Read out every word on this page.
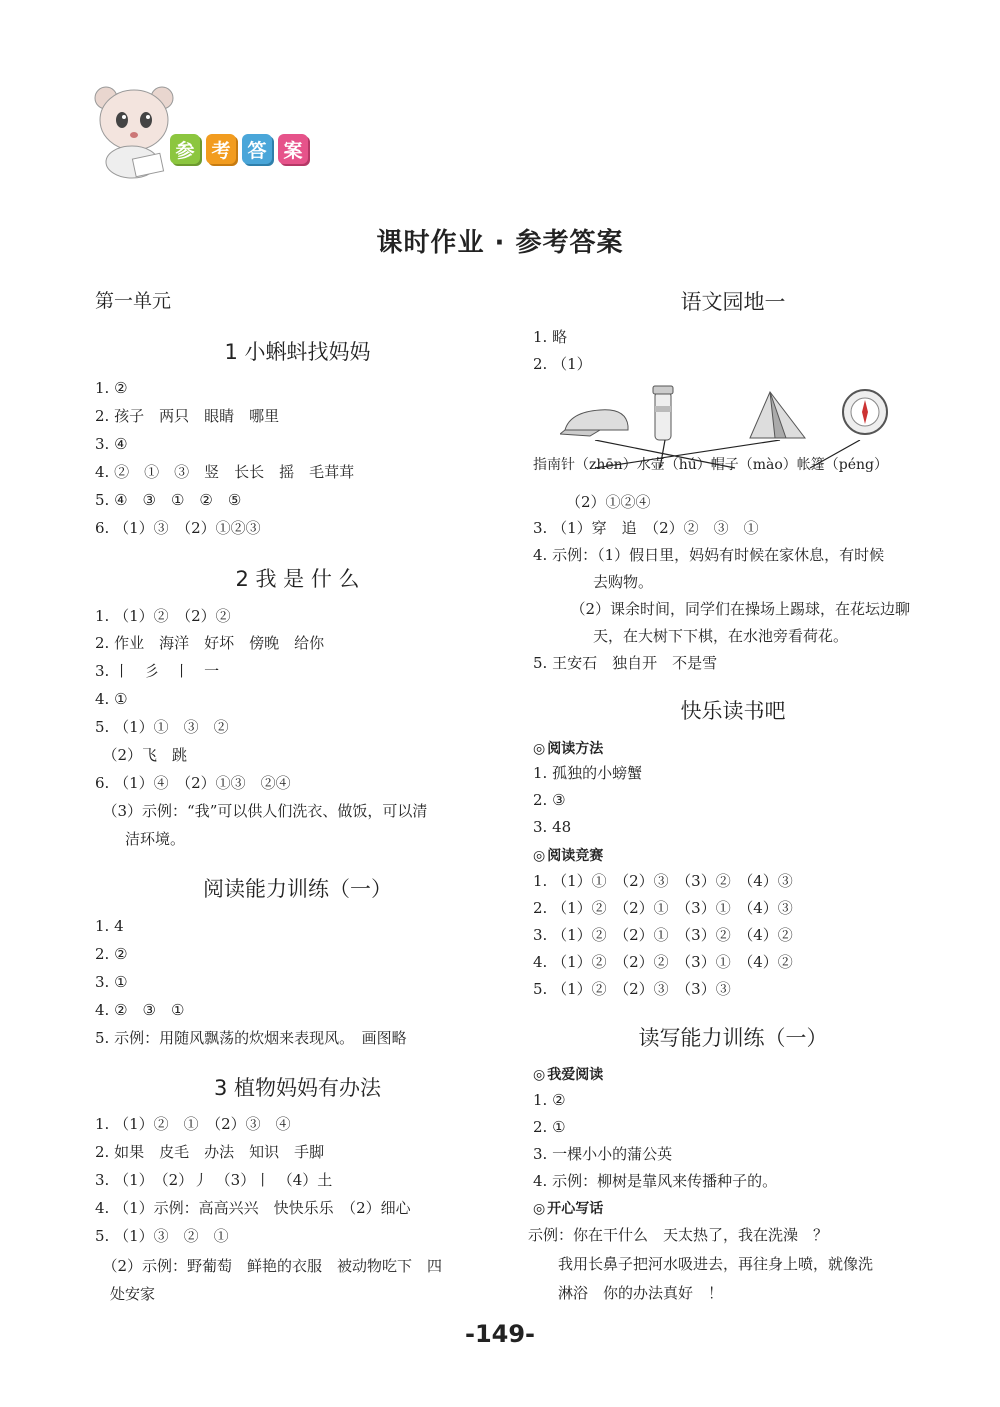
参 考 答 案
课时作业 · 参考答案
第一单元
1 小蝌蚪找妈妈
1. ②
2. 孩子　两只　眼睛　哪里
3. ④
4. ②　①　③　竖　长长　摇　毛茸茸
5. ④　③　①　②　⑤
6. （1）③　（2）①②③
2 我 是 什 么
1. （1）②　（2）②
2. 作业　海洋　好坏　傍晚　给你
3. 丨　彡　丨　一
4. ①
5. （1）①　③　②
　（2）飞　跳
6. （1）④　（2）①③　②④
　（3）示例：“我”可以供人们洗衣、做饭，可以清
　　洁环境。
阅读能力训练（一）
1. 4
2. ②
3. ①
4. ②　③　①
5. 示例：用随风飘荡的炊烟来表现风。　画图略
3 植物妈妈有办法
1. （1）②　①　（2）③　④
2. 如果　皮毛　办法　知识　手脚
3. （1）　（2）丿　（3）丨　（4）土
4. （1）示例：高高兴兴　快快乐乐　（2）细心
5. （1）③　②　①
　（2）示例：野葡萄　鲜艳的衣服　被动物吃下　四
　处安家
语文园地一
1. 略
2. （1）
指南针（zhēn）水壶（hú）帽子（mào）帐篷（péng）
（2）①②④
3. （1）穿　追　（2）②　③　①
4. 示例：（1）假日里，妈妈有时候在家休息，有时候
　　　　去购物。
　　　（2）课余时间，同学们在操场上踢球，在花坛边聊
　　　　天，在大树下下棋，在水池旁看荷花。
5. 王安石　独自开　不是雪
快乐读书吧
◎ 阅读方法
1. 孤独的小螃蟹
2. ③
3. 48
◎ 阅读竞赛
1. （1）①　（2）③　（3）②　（4）③
2. （1）②　（2）①　（3）①　（4）③
3. （1）②　（2）①　（3）②　（4）②
4. （1）②　（2）②　（3）①　（4）②
5. （1）②　（2）③　（3）③
读写能力训练（一）
◎ 我爱阅读
1. ②
2. ①
3. 一棵小小的蒲公英
4. 示例：柳树是靠风来传播种子的。
◎ 开心写话
示例：你在干什么　天太热了，我在洗澡　？
　　我用长鼻子把河水吸进去，再往身上喷，就像洗
　　淋浴　你的办法真好　！
-149-
